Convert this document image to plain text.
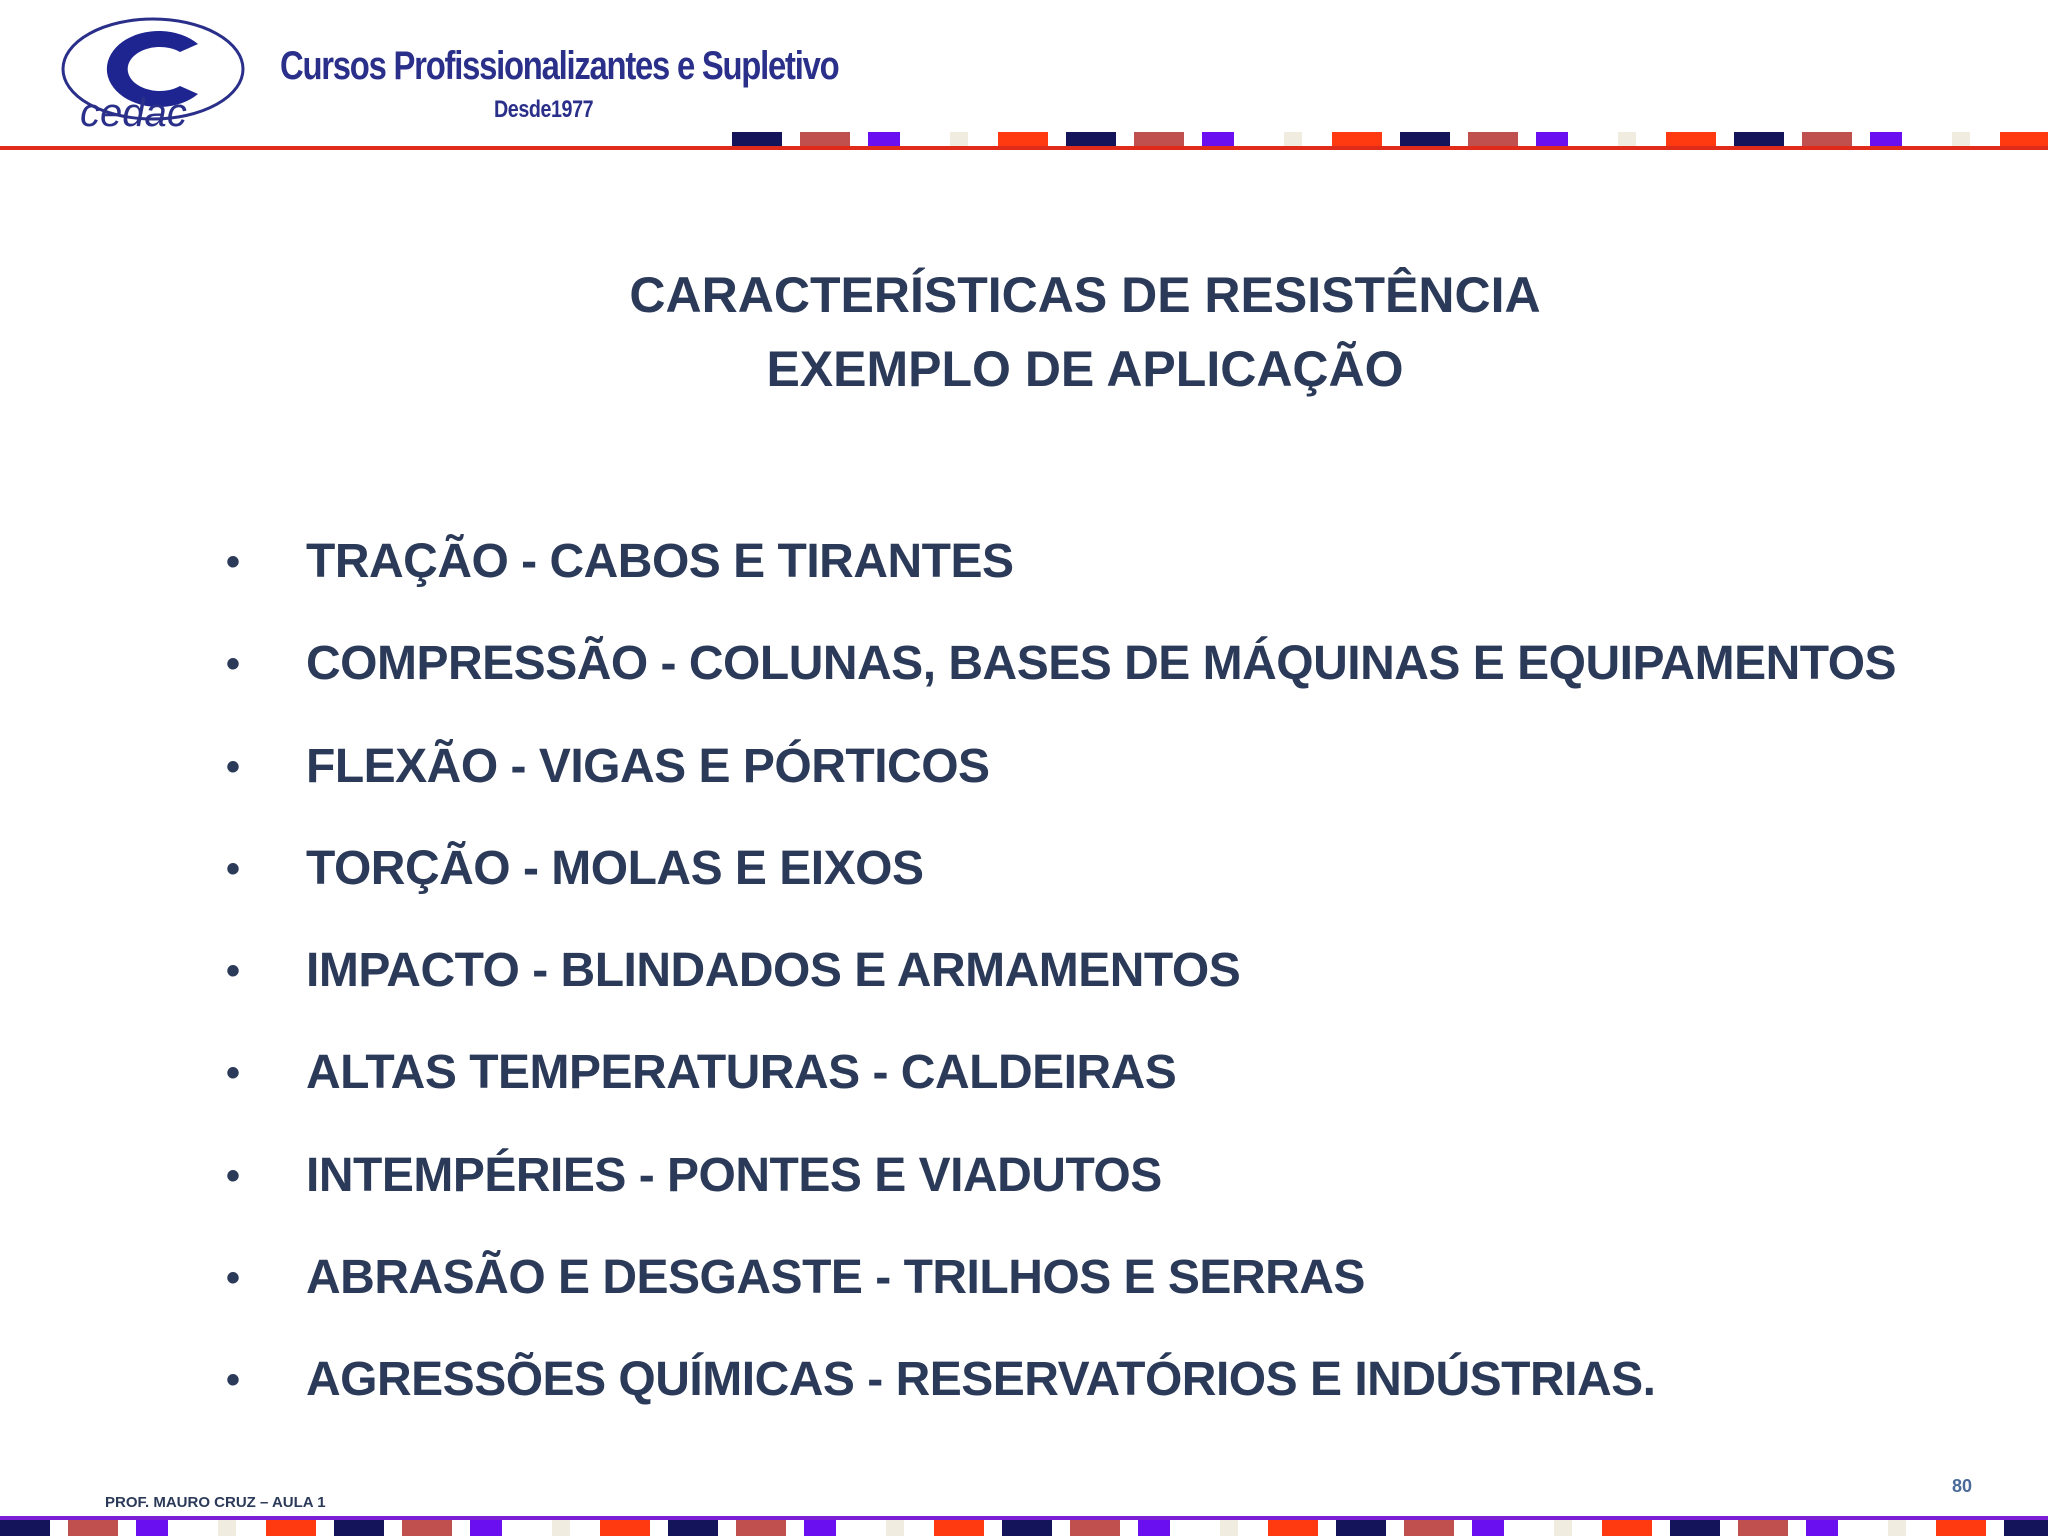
cedac
Cursos Profissionalizantes e Supletivo
Desde1977
CARACTERÍSTICAS DE RESISTÊNCIA
EXEMPLO DE APLICAÇÃO
• TRAÇÃO - CABOS E TIRANTES
• COMPRESSÃO - COLUNAS, BASES DE MÁQUINAS E EQUIPAMENTOS
• FLEXÃO - VIGAS E PÓRTICOS
• TORÇÃO - MOLAS E EIXOS
• IMPACTO - BLINDADOS E ARMAMENTOS
• ALTAS TEMPERATURAS - CALDEIRAS
• INTEMPÉRIES - PONTES E VIADUTOS
• ABRASÃO E DESGASTE - TRILHOS E SERRAS
• AGRESSÕES QUÍMICAS - RESERVATÓRIOS E INDÚSTRIAS.
PROF. MAURO CRUZ – AULA 1
80
